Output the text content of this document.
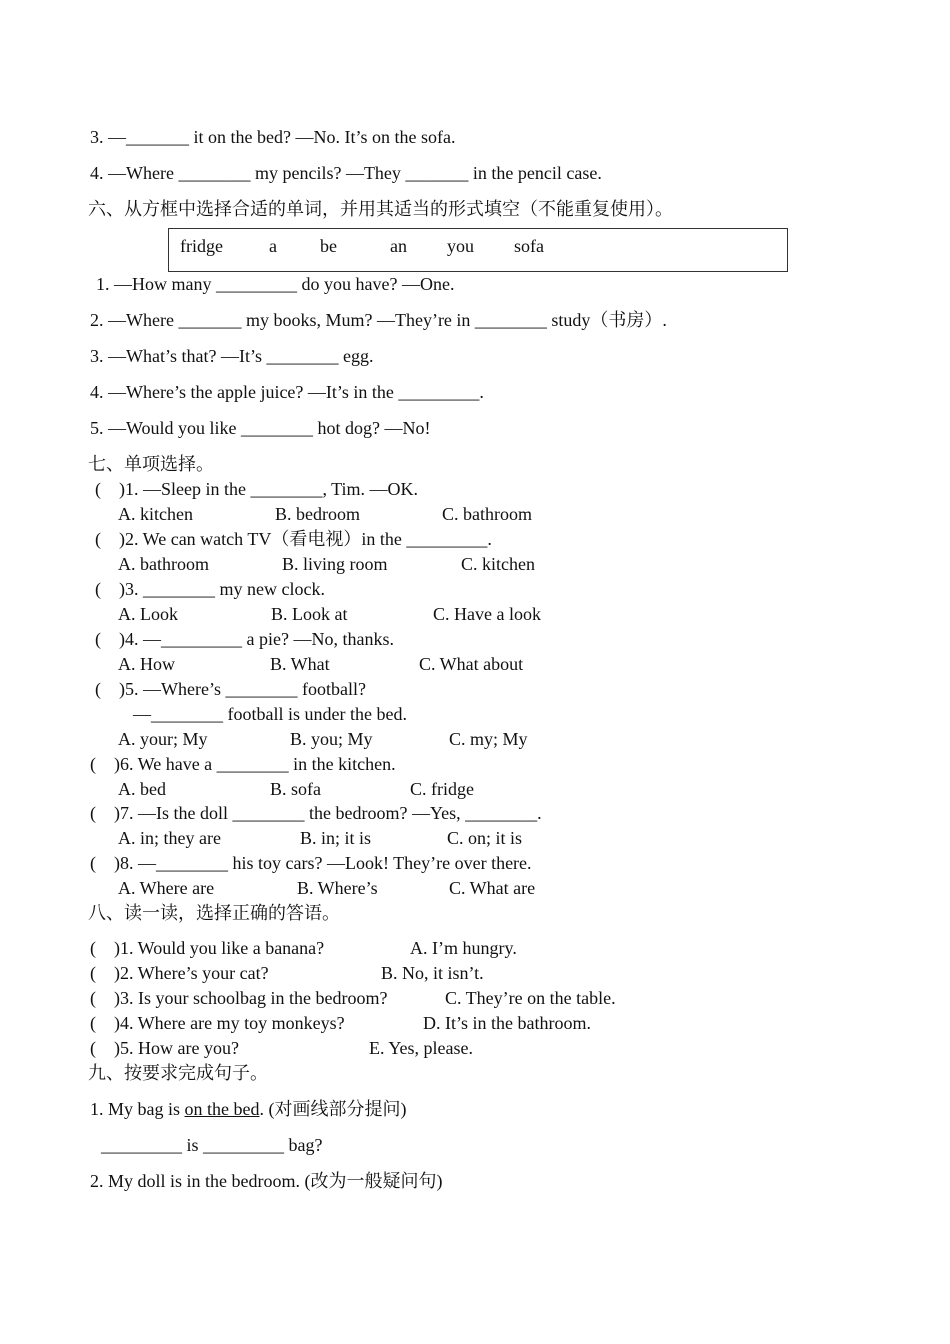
3. —_______ it on the bed? —No. It’s on the sofa.
4. —Where ________ my pencils? —They _______ in the pencil case.
六、从方框中选择合适的单词，并用其适当的形式填空（不能重复使用）。
fridge	a be	an you sofa
1. —How many _________ do you have? —One.
2. —Where _______ my books, Mum? —They’re in ________ study（书房）.
3. —What’s that? —It’s ________ egg.
4. —Where’s the apple juice? —It’s in the _________.
5. —Would you like ________ hot dog? —No!
七、单项选择。
(    )1. —Sleep in the ________, Tim. —OK.
A. kitchen	B. bedroom	C. bathroom
(    )2. We can watch TV（看电视）in the _________.
A. bathroom	B. living room	C. kitchen
(    )3. ________ my new clock.
A. Look	B. Look at	C. Have a look
(    )4. —_________ a pie? —No, thanks.
A. How	B. What	C. What about
(    )5. —Where’s ________ football?
—________ football is under the bed.
A. your; My	B. you; My	C. my; My
(    )6. We have a ________ in the kitchen.
A. bed	B. sofa	C. fridge
(    )7. —Is the doll ________ the bedroom? —Yes, ________.
A. in; they are	B. in; it is	C. on; it is
(    )8. —________ his toy cars? —Look! They’re over there.
A. Where are	B. Where’s	C. What are
八、读一读，选择正确的答语。
(    )1. Would you like a banana?	A. I’m hungry.
(    )2. Where’s your cat?	B. No, it isn’t.
(    )3. Is your schoolbag in the bedroom?	C. They’re on the table.
(    )4. Where are my toy monkeys?	D. It’s in the bathroom.
(    )5. How are you?	E. Yes, please.
九、按要求完成句子。
1. My bag is on the bed. (对画线部分提问)
_________ is _________ bag?
2. My doll is in the bedroom. (改为一般疑问句)
